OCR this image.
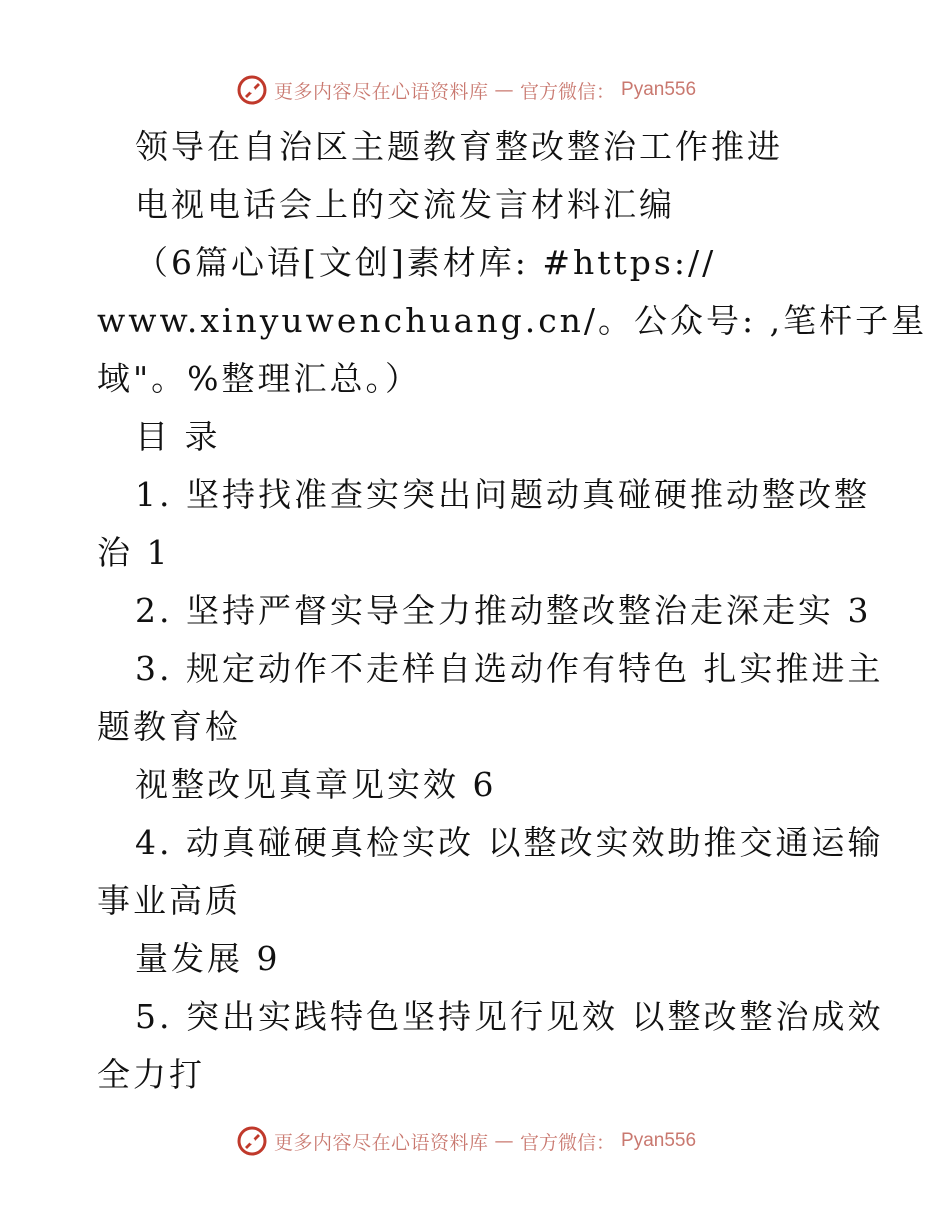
更多内容尽在心语资料库 — 官方微信： Pyan556

领导在自治区主题教育整改整治工作推进

电视电话会上的交流发言材料汇编

（6篇心语[文创]素材库: #https://

www.xinyuwenchuang.cn/。公众号: ,笔杆子星

域"。%整理汇总。）

目 录

1. 坚持找准查实突出问题动真碰硬推动整改整

治 1

2. 坚持严督实导全力推动整改整治走深走实 3

3. 规定动作不走样自选动作有特色 扎实推进主

题教育检

视整改见真章见实效 6

4. 动真碰硬真检实改 以整改实效助推交通运输

事业高质

量发展 9

5. 突出实践特色坚持见行见效 以整改整治成效

全力打

更多内容尽在心语资料库 — 官方微信： Pyan556
